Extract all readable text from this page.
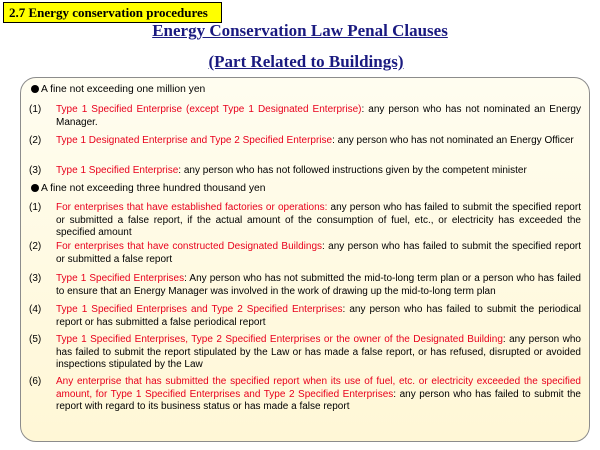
2.7 Energy conservation procedures
Energy Conservation Law Penal Clauses
(Part Related to Buildings)
A fine not exceeding one million yen
(1)	Type 1 Specified Enterprise (except Type 1 Designated Enterprise): any person who has not nominated an Energy Manager.
(2)	Type 1 Designated Enterprise and Type 2 Specified Enterprise: any person who has not nominated an Energy Officer
(3)	Type 1 Specified Enterprise: any person who has not followed instructions given by the competent minister
A fine not exceeding three hundred thousand yen
(1)	For enterprises that have established factories or operations: any person who has failed to submit the specified report or submitted a false report, if the actual amount of the consumption of fuel, etc., or electricity has exceeded the specified amount
(2)	For enterprises that have constructed Designated Buildings: any person who has failed to submit the specified report or submitted a false report
(3)	Type 1 Specified Enterprises: Any person who has not submitted the mid-to-long term plan or a person who has failed to ensure that an Energy Manager was involved in the work of drawing up the mid-to-long term plan
(4)	Type 1 Specified Enterprises and Type 2 Specified Enterprises: any person who has failed to submit the periodical report or has submitted a false periodical report
(5)	Type 1 Specified Enterprises, Type 2 Specified Enterprises or the owner of the Designated Building: any person who has failed to submit the report stipulated by the Law or has made a false report, or has refused, disrupted or avoided inspections stipulated by the Law
(6)	Any enterprise that has submitted the specified report when its use of fuel, etc. or electricity exceeded the specified amount, for Type 1 Specified Enterprises and Type 2 Specified Enterprises: any person who has failed to submit the report with regard to its business status or has made a false report
